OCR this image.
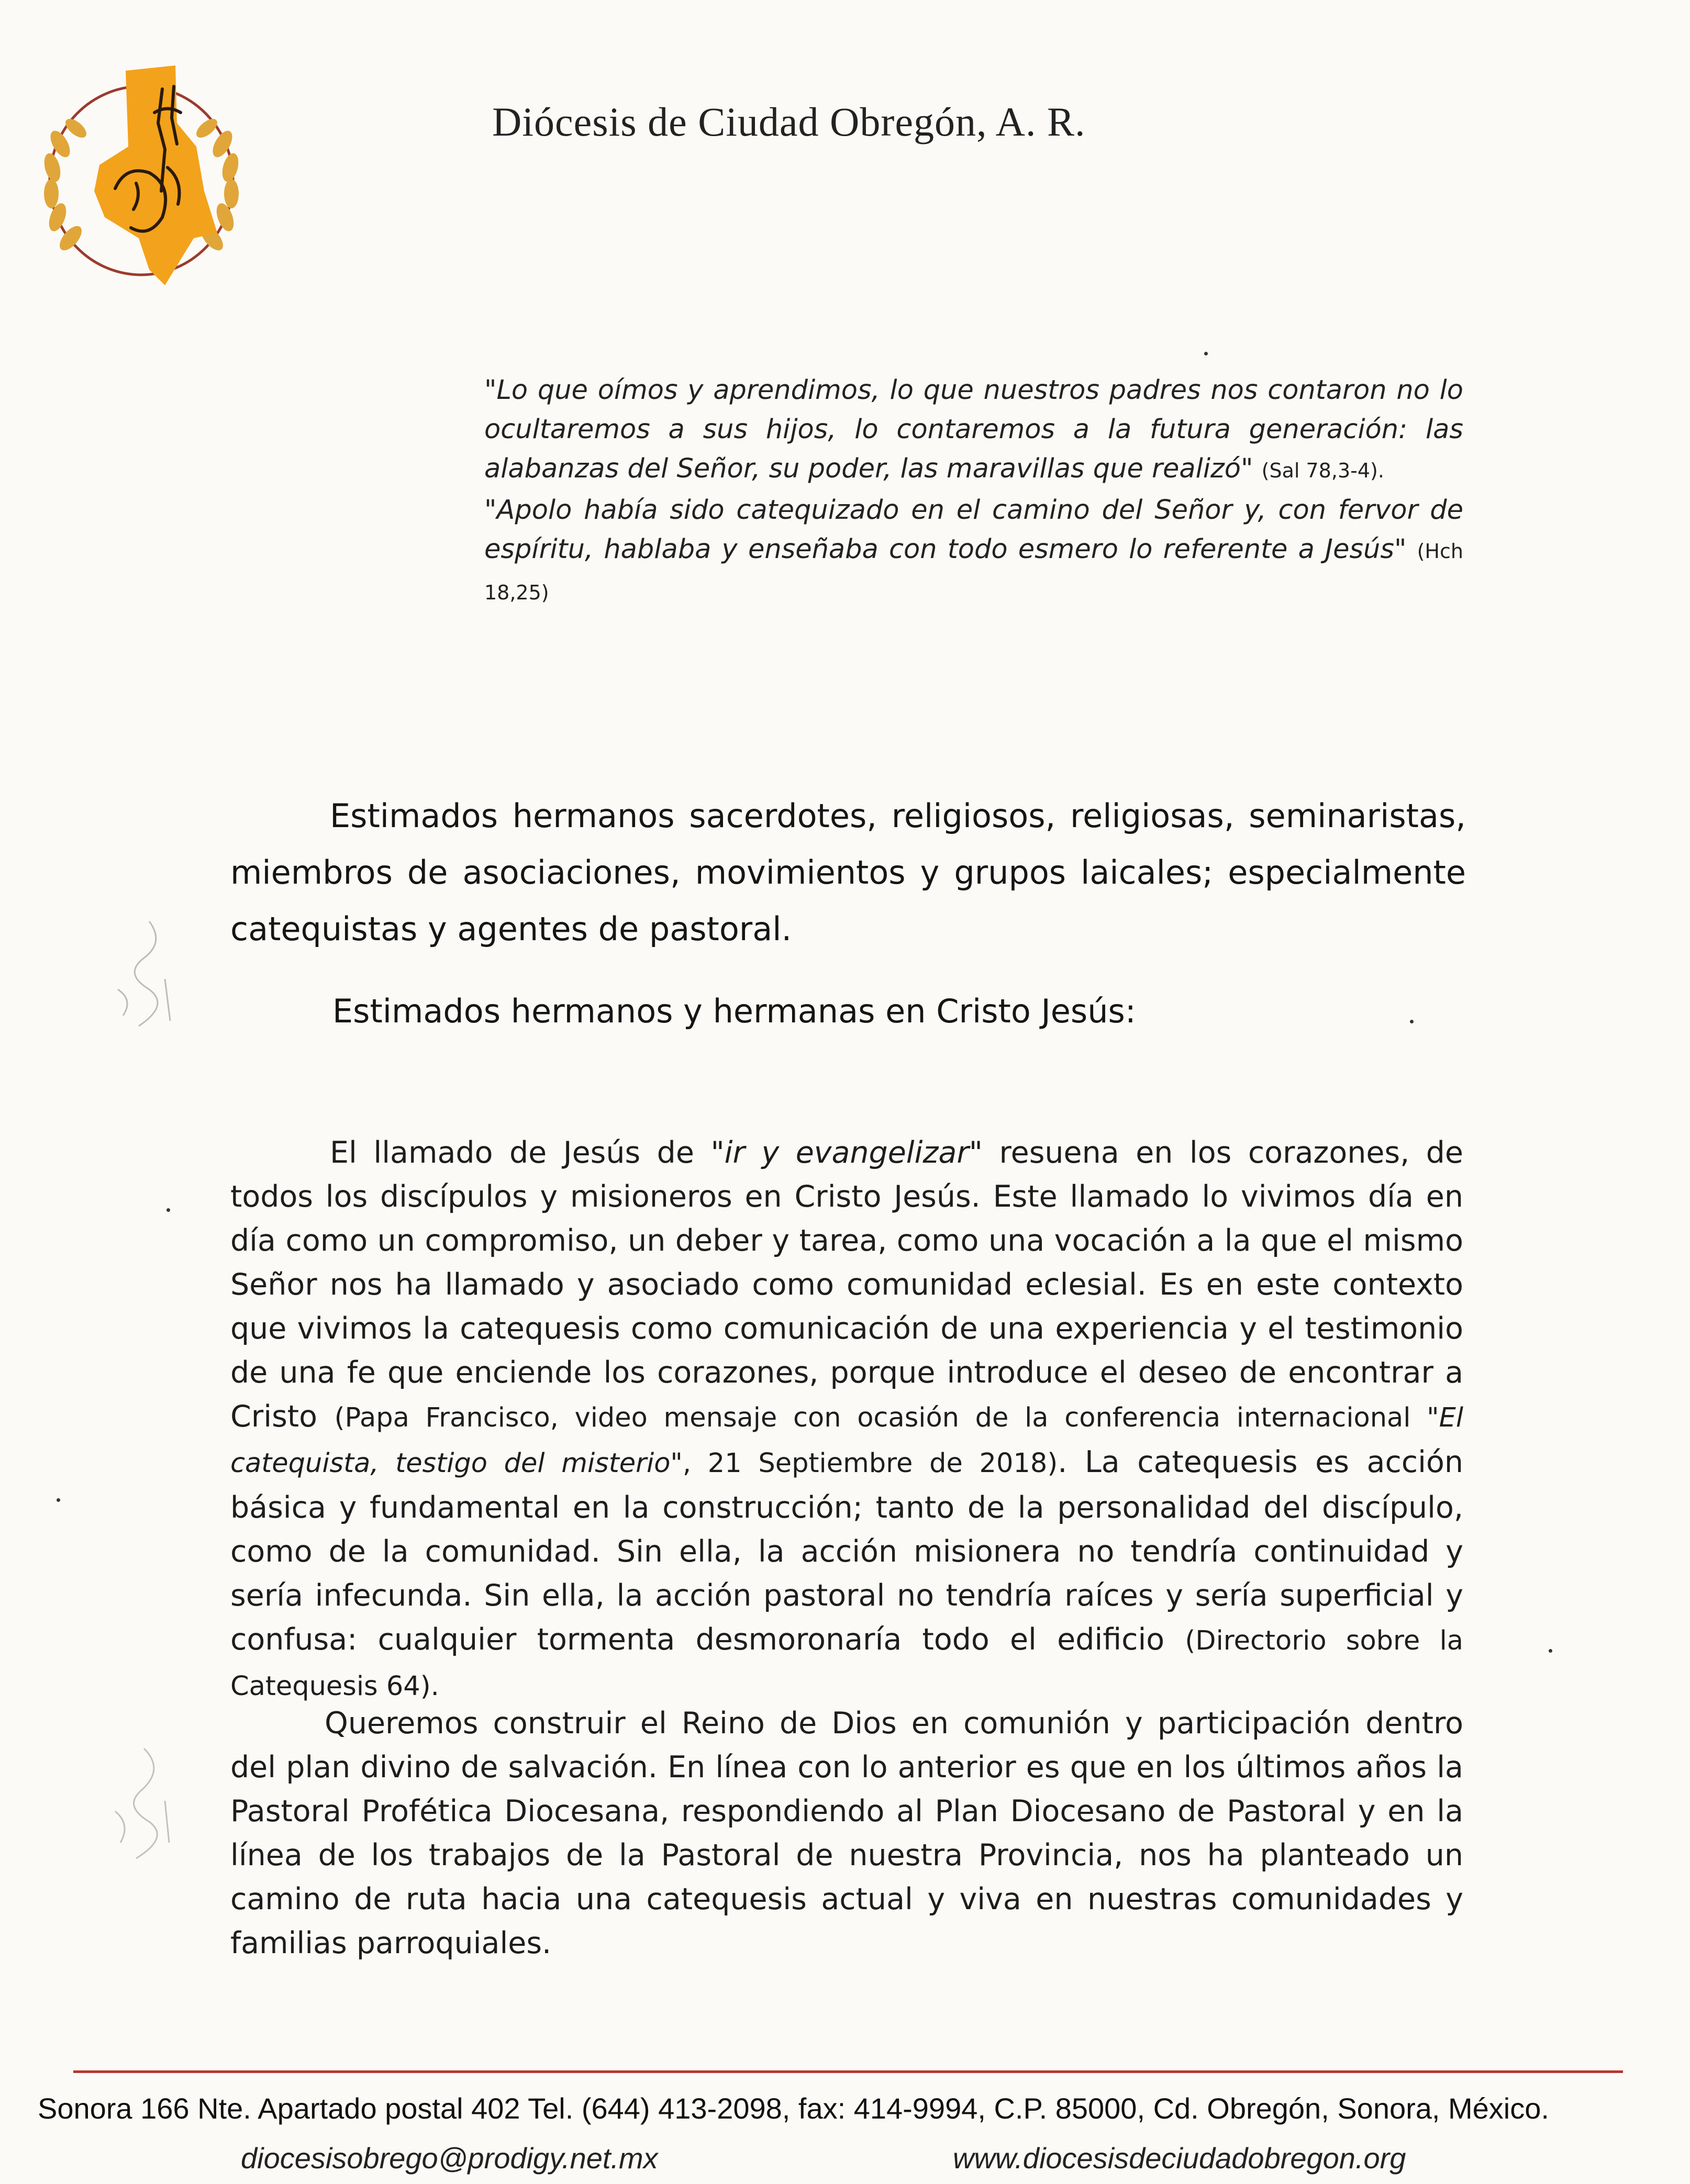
Diócesis de Ciudad Obregón, A. R.

"Lo que oímos y aprendimos, lo que nuestros padres nos contaron no lo ocultaremos a sus hijos, lo contaremos a la futura generación: las alabanzas del Señor, su poder, las maravillas que realizó" (Sal 78,3-4).

"Apolo había sido catequizado en el camino del Señor y, con fervor de espíritu, hablaba y enseñaba con todo esmero lo referente a Jesús" (Hch 18,25)

Estimados hermanos sacerdotes, religiosos, religiosas, seminaristas, miembros de asociaciones, movimientos y grupos laicales; especialmente catequistas y agentes de pastoral.
Estimados hermanos y hermanas en Cristo Jesús:

El llamado de Jesús de "ir y evangelizar" resuena en los corazones, de todos los discípulos y misioneros en Cristo Jesús. Este llamado lo vivimos día en día como un compromiso, un deber y tarea, como una vocación a la que el mismo Señor nos ha llamado y asociado como comunidad eclesial. Es en este contexto que vivimos la catequesis como comunicación de una experiencia y el testimonio de una fe que enciende los corazones, porque introduce el deseo de encontrar a Cristo (Papa Francisco, video mensaje con ocasión de la conferencia internacional "El catequista, testigo del misterio", 21 Septiembre de 2018). La catequesis es acción básica y fundamental en la construcción; tanto de la personalidad del discípulo, como de la comunidad. Sin ella, la acción misionera no tendría continuidad y sería infecunda. Sin ella, la acción pastoral no tendría raíces y sería superficial y confusa: cualquier tormenta desmoronaría todo el edificio (Directorio sobre la Catequesis 64).

Queremos construir el Reino de Dios en comunión y participación dentro del plan divino de salvación. En línea con lo anterior es que en los últimos años la Pastoral Profética Diocesana, respondiendo al Plan Diocesano de Pastoral y en la línea de los trabajos de la Pastoral de nuestra Provincia, nos ha planteado un camino de ruta hacia una catequesis actual y viva en nuestras comunidades y familias parroquiales.

Sonora 166 Nte. Apartado postal 402 Tel. (644) 413-2098, fax: 414-9994, C.P. 85000, Cd. Obregón, Sonora, México.
diocesisobrego@prodigy.net.mx	www.diocesisdeciudadobregon.org
